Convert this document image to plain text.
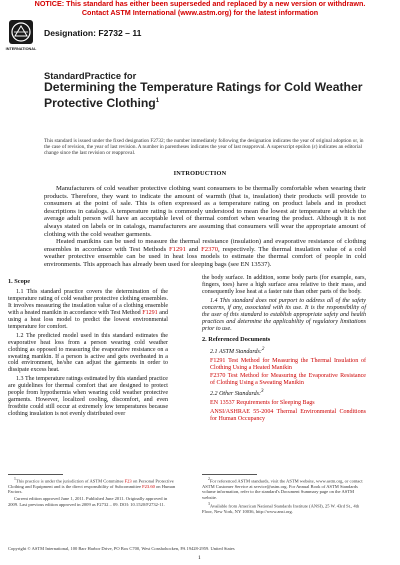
NOTICE: This standard has either been superseded and replaced by a new version or withdrawn.
Contact ASTM International (www.astm.org) for the latest information
INTERNATIONAL
Designation: F2732 – 11
StandardPractice for
Determining the Temperature Ratings for Cold Weather
Protective Clothing$^1$
This standard is issued under the fixed designation F2732; the number immediately following the designation indicates the year of original adoption or, in the case of revision, the year of last revision. A number in parentheses indicates the year of last reapproval. A superscript epsilon (ε) indicates an editorial change since the last revision or reapproval.
INTRODUCTION

Manufacturers of cold weather protective clothing want consumers to be thermally comfortable when wearing their products. Therefore, they want to indicate the amount of warmth (that is, insulation) their products will provide to consumers at the point of sale. This is often expressed as a temperature rating on product labels and in product descriptions in catalogs. A temperature rating is commonly understood to mean the lowest air temperature at which the average adult person will have an acceptable level of thermal comfort when wearing the product. Although it is not always stated on labels or in catalogs, manufacturers are assuming that consumers will wear the appropriate amount of clothing with the cold weather garments.

Heated manikins can be used to measure the thermal resistance (insulation) and evaporative resistance of clothing ensembles in accordance with Test Methods F1291 and F2370, respectively. The thermal insulation value of a cold weather protective ensemble can be used in heat loss models to estimate the thermal comfort of people in cold environments. This approach has already been used for sleeping bags (see EN 13537).

1. Scope

1.1 This standard practice covers the determination of the temperature rating of cold weather protective clothing ensembles. It involves measuring the insulation value of a clothing ensemble with a heated manikin in accordance with Test Method F1291 and using a heat loss model to predict the lowest environmental temperature for comfort.

1.2 The predicted model used in this standard estimates the evaporative heat loss from a person wearing cold weather clothing as opposed to measuring the evaporative resistance on a sweating manikin. If a person is active and gets overheated in a cold environment, he/she can adjust the garments in order to dissipate excess heat.

1.3 The temperature ratings estimated by this standard practice are guidelines for thermal comfort that are designed to protect people from hypothermia when wearing cold weather protective garments. However, localized cooling, discomfort, and even frostbite could still occur at extremely low temperatures because clothing insulation is not evenly distributed over

the body surface. In addition, some body parts (for example, ears, fingers, toes) have a high surface area relative to their mass, and consequently lose heat at a faster rate than other parts of the body.

1.4 This standard does not purport to address all of the safety concerns, if any, associated with its use. It is the responsibility of the user of this standard to establish appropriate safety and health practices and determine the applicability of regulatory limitations prior to use.

2. Referenced Documents

2.1 ASTM Standards:$^2$

F1291 Test Method for Measuring the Thermal Insulation of Clothing Using a Heated Manikin

F2370 Test Method for Measuring the Evaporative Resistance of Clothing Using a Sweating Manikin

2.2 Other Standards:$^3$

EN 13537 Requirements for Sleeping Bags

ANSI/ASHRAE 55-2004 Thermal Environmental Conditions for Human Occupancy

$^1$This practice is under the jurisdiction of ASTM Committee F23 on Personal Protective Clothing and Equipment and is the direct responsibility of Subcommittee F23.60 on Human Factors.

Current edition approved June 1, 2011. Published June 2011. Originally approved in 2009. Last previous edition approved in 2009 as F2732 – 09. DOI: 10.1520/F2732-11.

$^2$For referenced ASTM standards, visit the ASTM website, www.astm.org, or contact ASTM Customer Service at service@astm.org. For Annual Book of ASTM Standards volume information, refer to the standard's Document Summary page on the ASTM website.

$^3$Available from American National Standards Institute (ANSI), 25 W. 43rd St., 4th Floor, New York, NY 10036, http://www.ansi.org.

Copyright © ASTM International, 100 Barr Harbor Drive, PO Box C700, West Conshohocken, PA 19428-2959. United States
1
